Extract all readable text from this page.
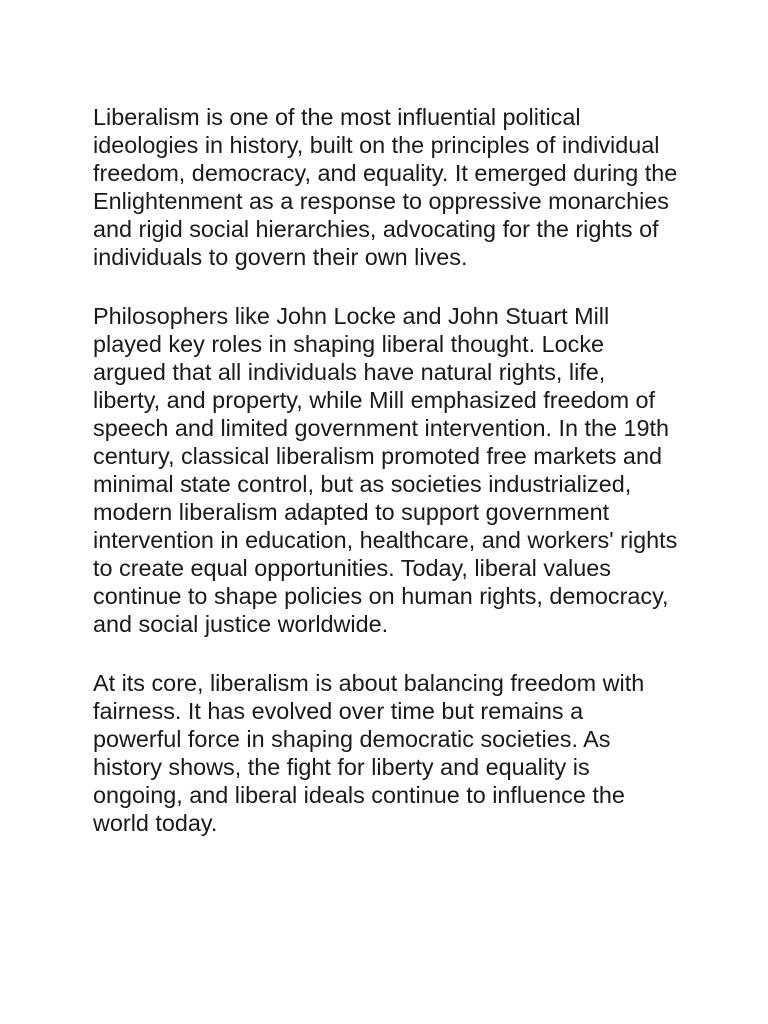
Liberalism is one of the most influential political ideologies in history, built on the principles of individual freedom, democracy, and equality. It emerged during the Enlightenment as a response to oppressive monarchies and rigid social hierarchies, advocating for the rights of individuals to govern their own lives.

Philosophers like John Locke and John Stuart Mill played key roles in shaping liberal thought. Locke argued that all individuals have natural rights, life, liberty, and property, while Mill emphasized freedom of speech and limited government intervention. In the 19th century, classical liberalism promoted free markets and minimal state control, but as societies industrialized, modern liberalism adapted to support government intervention in education, healthcare, and workers' rights to create equal opportunities. Today, liberal values continue to shape policies on human rights, democracy, and social justice worldwide.

At its core, liberalism is about balancing freedom with fairness. It has evolved over time but remains a powerful force in shaping democratic societies. As history shows, the fight for liberty and equality is ongoing, and liberal ideals continue to influence the world today.
